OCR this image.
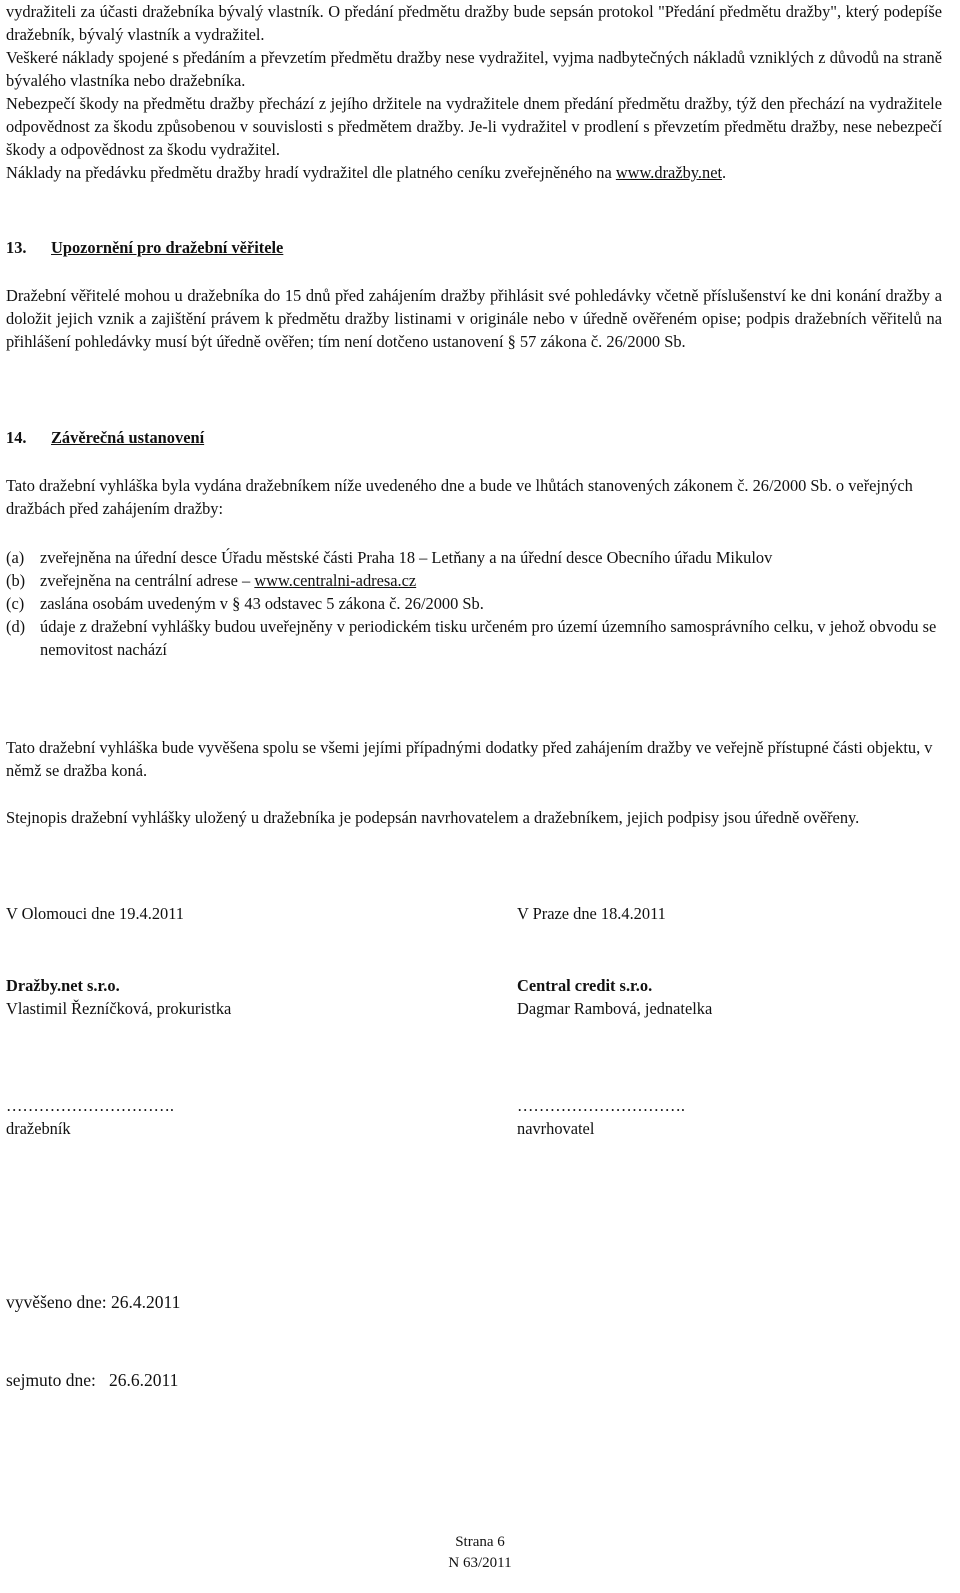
vydražiteli za účasti dražebníka bývalý vlastník. O předání předmětu dražby bude sepsán protokol "Předání předmětu dražby", který podepíše dražebník, bývalý vlastník a vydražitel.

Veškeré náklady spojené s předáním a převzetím předmětu dražby nese vydražitel, vyjma nadbytečných nákladů vzniklých z důvodů na straně bývalého vlastníka nebo dražebníka.

Nebezpečí škody na předmětu dražby přechází z jejího držitele na vydražitele dnem předání předmětu dražby, týž den přechází na vydražitele odpovědnost za škodu způsobenou v souvislosti s předmětem dražby. Je-li vydražitel v prodlení s převzetím předmětu dražby, nese nebezpečí škody a odpovědnost za škodu vydražitel.

Náklady na předávku předmětu dražby hradí vydražitel dle platného ceníku zveřejněného na www.dražby.net.

13. Upozornění pro dražební věřitele

Dražební věřitelé mohou u dražebníka do 15 dnů před zahájením dražby přihlásit své pohledávky včetně příslušenství ke dni konání dražby a doložit jejich vznik a zajištění právem k předmětu dražby listinami v originále nebo v úředně ověřeném opise; podpis dražebních věřitelů na přihlášení pohledávky musí být úředně ověřen; tím není dotčeno ustanovení § 57 zákona č. 26/2000 Sb.

14. Závěrečná ustanovení

Tato dražební vyhláška byla vydána dražebníkem níže uvedeného dne a bude ve lhůtách stanovených zákonem č. 26/2000 Sb. o veřejných dražbách před zahájením dražby:

(a) zveřejněna na úřední desce Úřadu městské části Praha 18 – Letňany a na úřední desce Obecního úřadu Mikulov
(b) zveřejněna na centrální adrese – www.centralni-adresa.cz
(c) zaslána osobám uvedeným v § 43 odstavec 5 zákona č. 26/2000 Sb.
(d) údaje z dražební vyhlášky budou uveřejněny v periodickém tisku určeném pro území územního samosprávního celku, v jehož obvodu se nemovitost nachází

Tato dražební vyhláška bude vyvěšena spolu se všemi jejími případnými dodatky před zahájením dražby ve veřejně přístupné části objektu, v němž se dražba koná.

Stejnopis dražební vyhlášky uložený u dražebníka je podepsán navrhovatelem a dražebníkem, jejich podpisy jsou úředně ověřeny.

V Olomouci dne 19.4.2011	V Praze dne 18.4.2011
Dražby.net s.r.o.
Vlastimil Řezníčková, prokuristka
Central credit s.r.o.
Dagmar Rambová, jednatelka
………………………….
dražebník
………………………….
navrhovatel

vyvěšeno dne: 26.4.2011

sejmuto dne:   26.6.2011

Strana 6
N 63/2011
